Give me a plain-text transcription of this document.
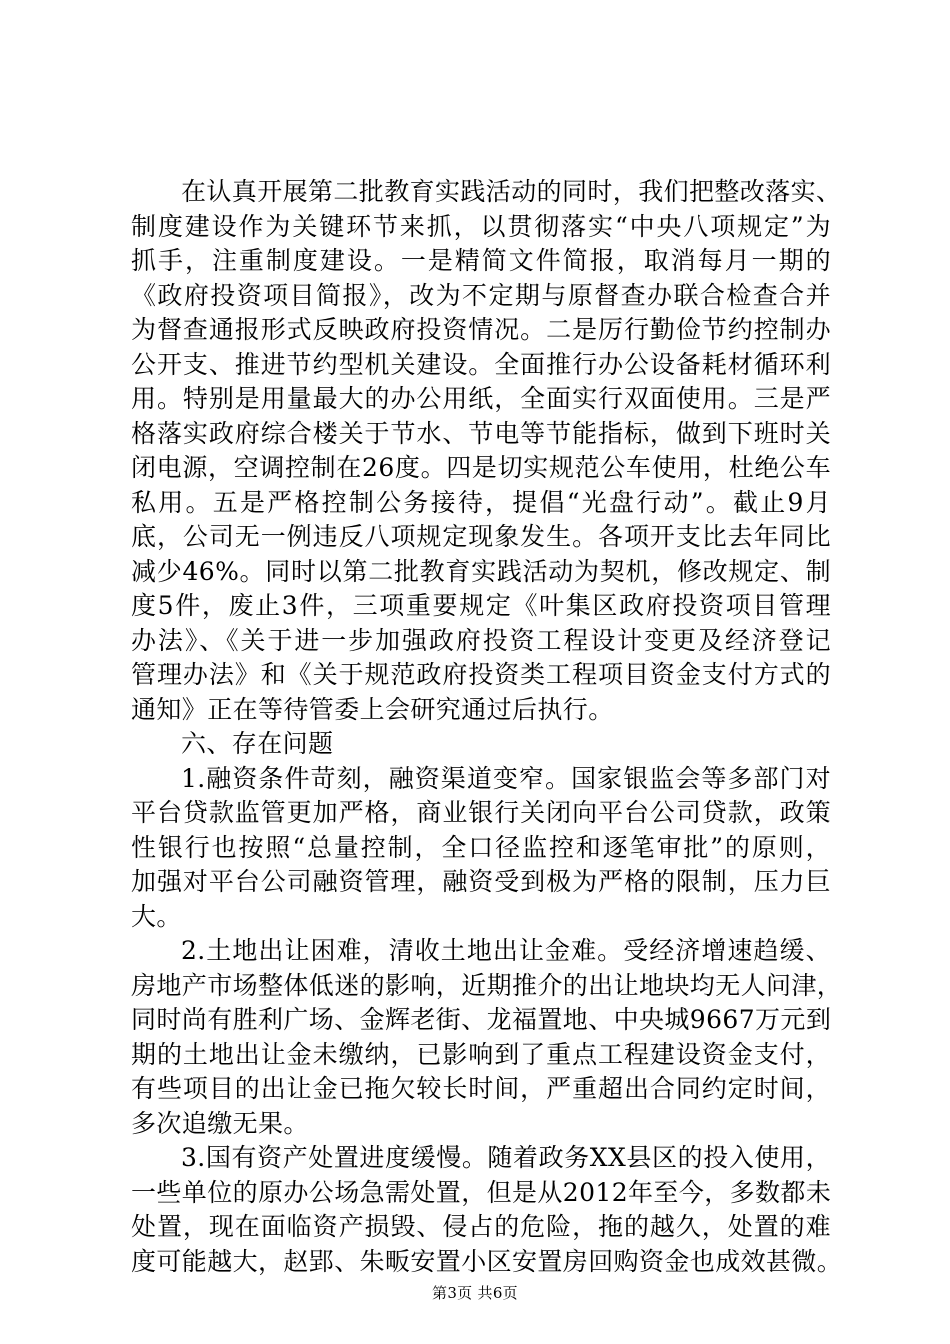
在认真开展第二批教育实践活动的同时，我们把整改落实、
制度建设作为关键环节来抓，以贯彻落实“中央八项规定”为
抓手，注重制度建设。一是精简文件简报，取消每月一期的
《政府投资项目简报》，改为不定期与原督查办联合检查合并
为督查通报形式反映政府投资情况。二是厉行勤俭节约控制办
公开支、推进节约型机关建设。全面推行办公设备耗材循环利
用。特别是用量最大的办公用纸，全面实行双面使用。三是严
格落实政府综合楼关于节水、节电等节能指标，做到下班时关
闭电源，空调控制在26度。四是切实规范公车使用，杜绝公车
私用。五是严格控制公务接待，提倡“光盘行动”。截止9月
底，公司无一例违反八项规定现象发生。各项开支比去年同比
减少46%。同时以第二批教育实践活动为契机，修改规定、制
度5件，废止3件，三项重要规定《叶集区政府投资项目管理
办法》、《关于进一步加强政府投资工程设计变更及经济登记
管理办法》和《关于规范政府投资类工程项目资金支付方式的
通知》正在等待管委上会研究通过后执行。
六、存在问题
1.融资条件苛刻，融资渠道变窄。国家银监会等多部门对
平台贷款监管更加严格，商业银行关闭向平台公司贷款，政策
性银行也按照“总量控制，全口径监控和逐笔审批”的原则，
加强对平台公司融资管理，融资受到极为严格的限制，压力巨
大。
2.土地出让困难，清收土地出让金难。受经济增速趋缓、
房地产市场整体低迷的影响，近期推介的出让地块均无人问津，
同时尚有胜利广场、金辉老街、龙福置地、中央城9667万元到
期的土地出让金未缴纳，已影响到了重点工程建设资金支付，
有些项目的出让金已拖欠较长时间，严重超出合同约定时间，
多次追缴无果。
3.国有资产处置进度缓慢。随着政务XX县区的投入使用，
一些单位的原办公场急需处置，但是从2012年至今，多数都未
处置，现在面临资产损毁、侵占的危险，拖的越久，处置的难
度可能越大，赵郢、朱畈安置小区安置房回购资金也成效甚微。
第3页 共6页
